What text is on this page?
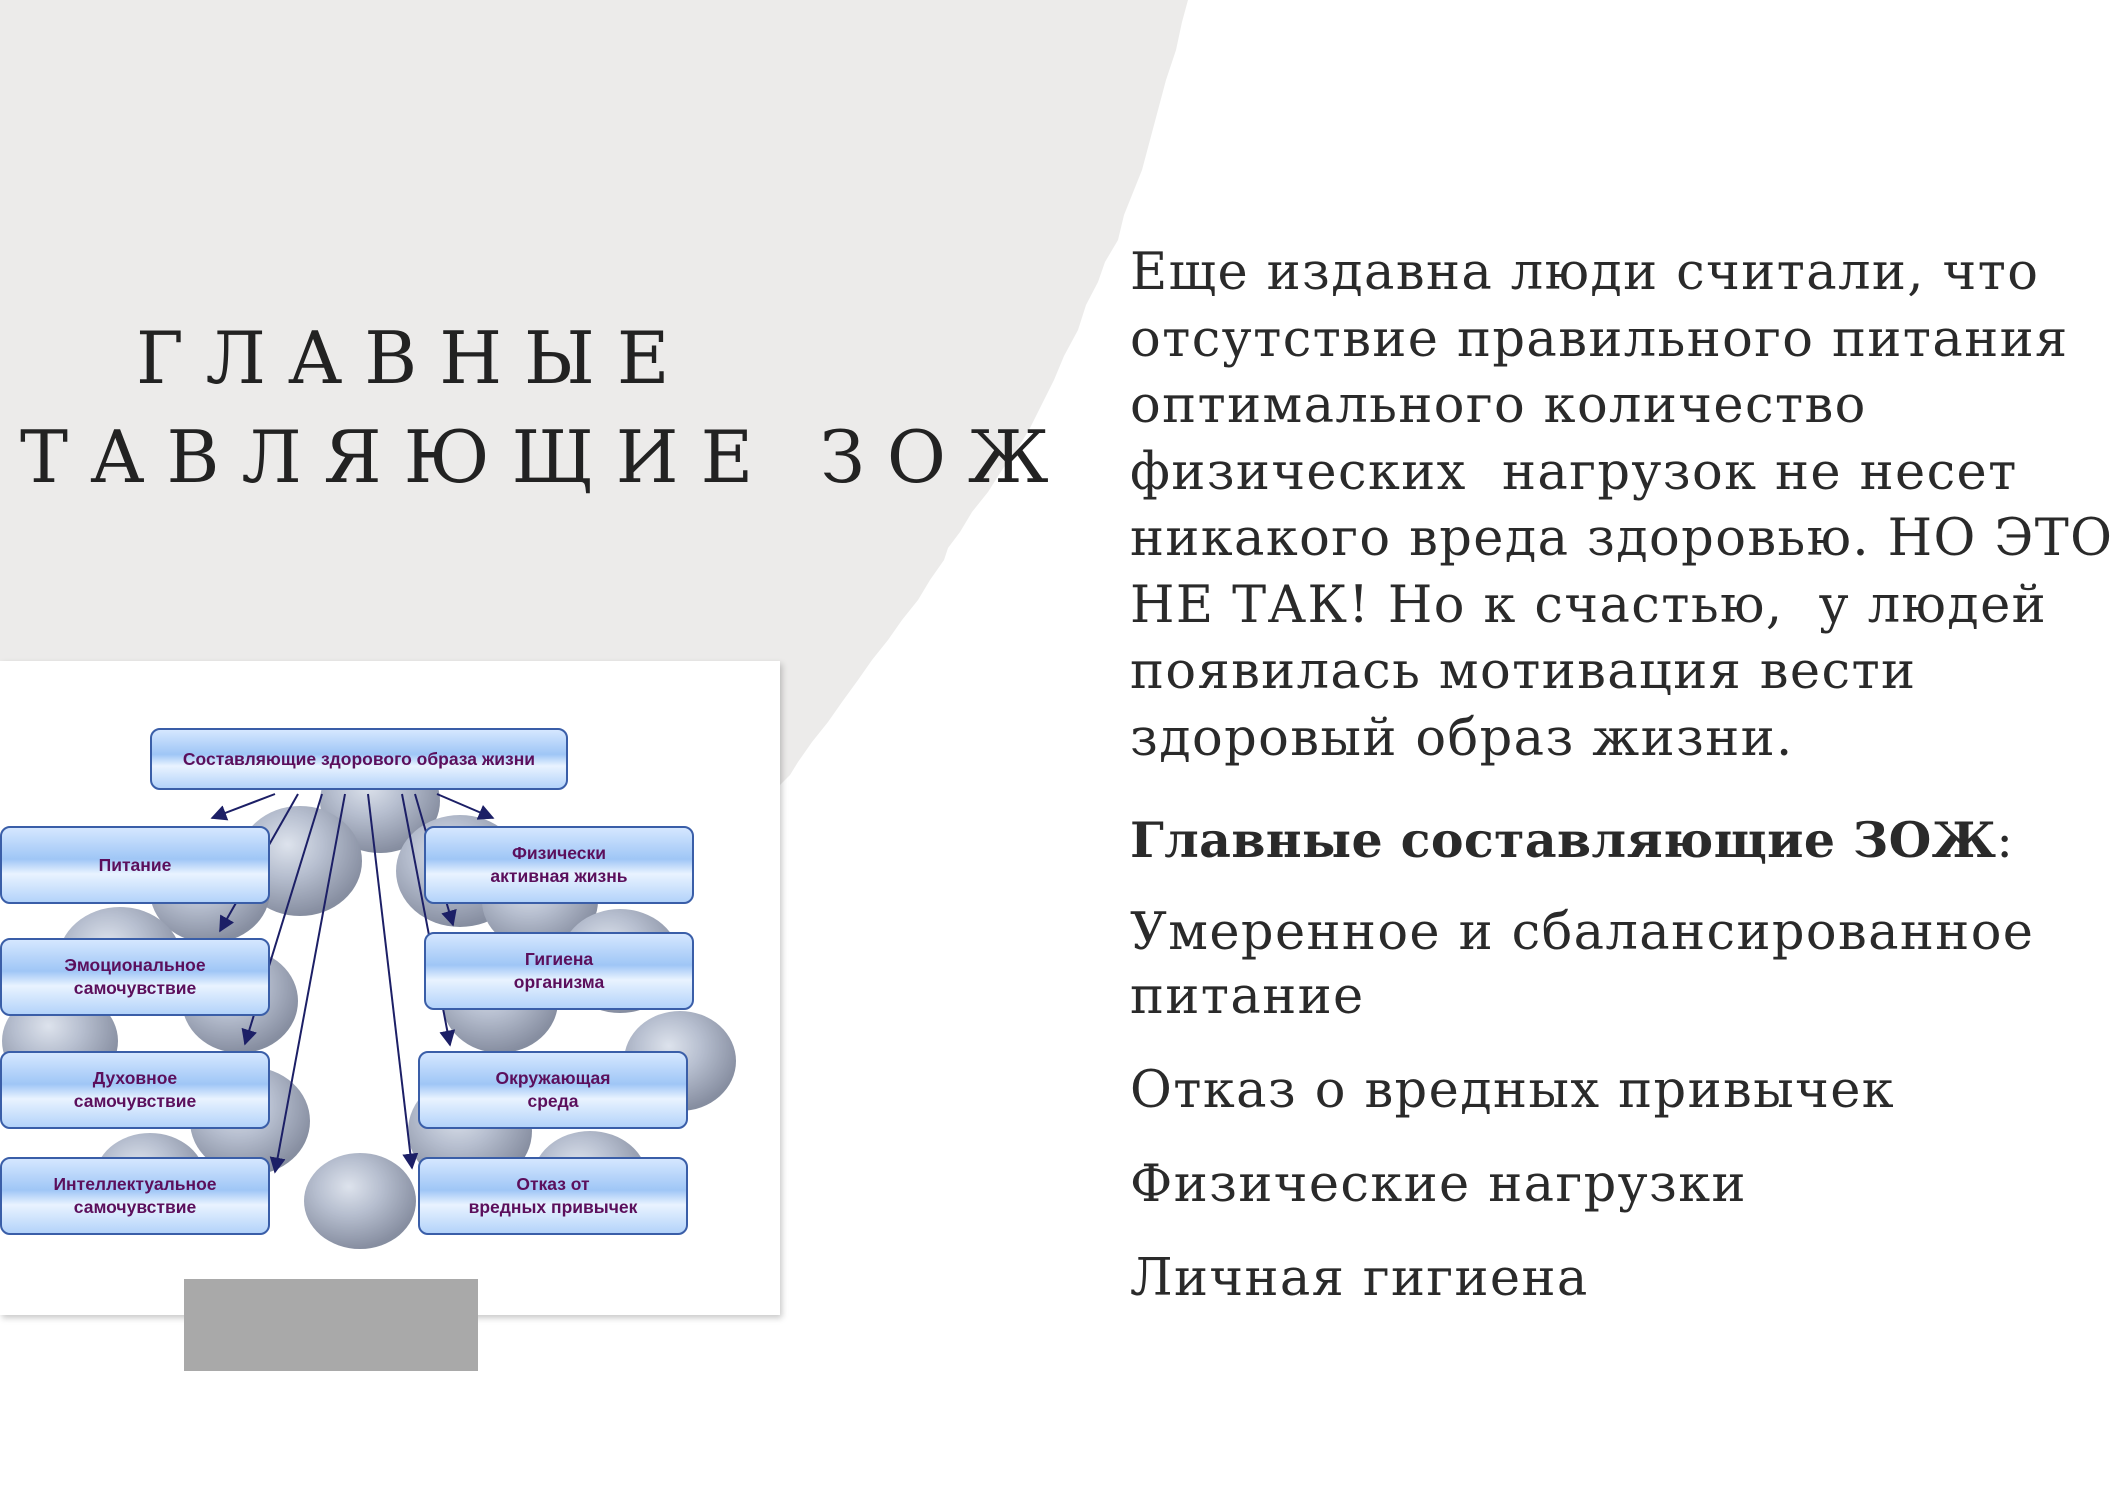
ГЛАВНЫЕ
ТАВЛЯЮЩИЕ ЗОЖ
Составляющие здорового образа жизни
Питание
Эмоциональное
самочувствие
Духовное
самочувствие
Интеллектуальное
самочувствие
Физически
активная жизнь
Гигиена
организма
Окружающая
среда
Отказ от
вредных привычек

Еще издавна люди считали, что
отсутствие правильного питания
оптимального количество
физических  нагрузок не несет
никакого вреда здоровью. НО ЭТО
НЕ ТАК! Но к счастью,  у людей
появилась мотивация вести
здоровый образ жизни.

Главные составляющие ЗОЖ:

Умеренное и сбалансированное
питание
Отказ о вредных привычек
Физические нагрузки
Личная гигиена
